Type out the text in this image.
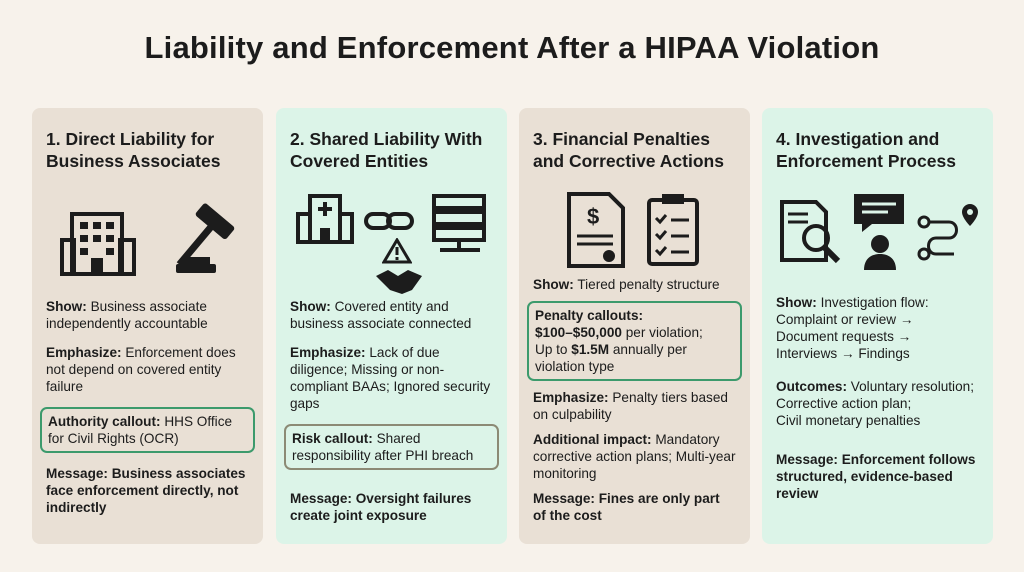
Liability and Enforcement After a HIPAA Violation
1. Direct Liability for Business Associates
Show: Business associate independently accountable
Emphasize: Enforcement does not depend on covered entity failure
Authority callout: HHS Office for Civil Rights (OCR)
Message: Business associates face enforcement directly, not indirectly
2. Shared Liability With Covered Entities
Show: Covered entity and business associate connected
Emphasize: Lack of due diligence; Missing or non-compliant BAAs; Ignored security gaps
Risk callout: Shared responsibility after PHI breach
Message: Oversight failures create joint exposure
3. Financial Penalties and Corrective Actions
$
Show: Tiered penalty structure
Penalty callouts:
$100–$50,000 per violation;
Up to $1.5M annually per violation type
Emphasize: Penalty tiers based on culpability
Additional impact: Mandatory corrective action plans; Multi-year monitoring
Message: Fines are only part of the cost
4. Investigation and Enforcement Process
Show: Investigation flow:
Complaint or review →
Document requests →
Interviews → Findings
Outcomes: Voluntary resolution;
Corrective action plan;
Civil monetary penalties
Message: Enforcement follows structured, evidence-based review
